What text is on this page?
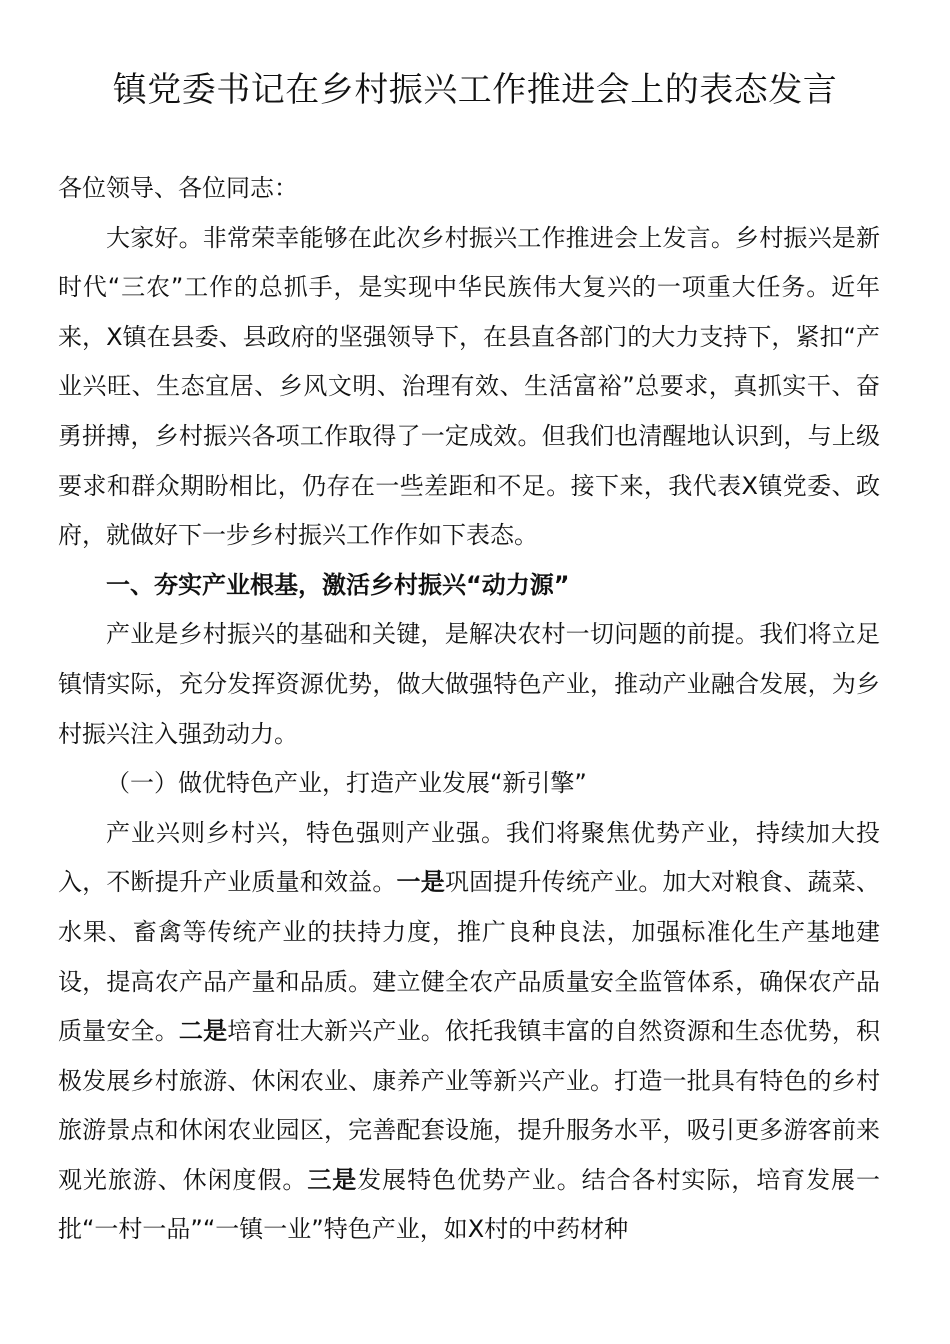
镇党委书记在乡村振兴工作推进会上的表态发言

各位领导、各位同志：

大家好。非常荣幸能够在此次乡村振兴工作推进会上发言。乡村振兴是新时代“三农”工作的总抓手，是实现中华民族伟大复兴的一项重大任务。近年来，X镇在县委、县政府的坚强领导下，在县直各部门的大力支持下，紧扣“产业兴旺、生态宜居、乡风文明、治理有效、生活富裕”总要求，真抓实干、奋勇拼搏，乡村振兴各项工作取得了一定成效。但我们也清醒地认识到，与上级要求和群众期盼相比，仍存在一些差距和不足。接下来，我代表X镇党委、政府，就做好下一步乡村振兴工作作如下表态。

一、夯实产业根基，激活乡村振兴“动力源”

产业是乡村振兴的基础和关键，是解决农村一切问题的前提。我们将立足镇情实际，充分发挥资源优势，做大做强特色产业，推动产业融合发展，为乡村振兴注入强劲动力。

（一）做优特色产业，打造产业发展“新引擎”

产业兴则乡村兴，特色强则产业强。我们将聚焦优势产业，持续加大投入，不断提升产业质量和效益。一是巩固提升传统产业。加大对粮食、蔬菜、水果、畜禽等传统产业的扶持力度，推广良种良法，加强标准化生产基地建设，提高农产品产量和品质。建立健全农产品质量安全监管体系，确保农产品质量安全。二是培育壮大新兴产业。依托我镇丰富的自然资源和生态优势，积极发展乡村旅游、休闲农业、康养产业等新兴产业。打造一批具有特色的乡村旅游景点和休闲农业园区，完善配套设施，提升服务水平，吸引更多游客前来观光旅游、休闲度假。三是发展特色优势产业。结合各村实际，培育发展一批“一村一品”“一镇一业”特色产业，如X村的中药材种
